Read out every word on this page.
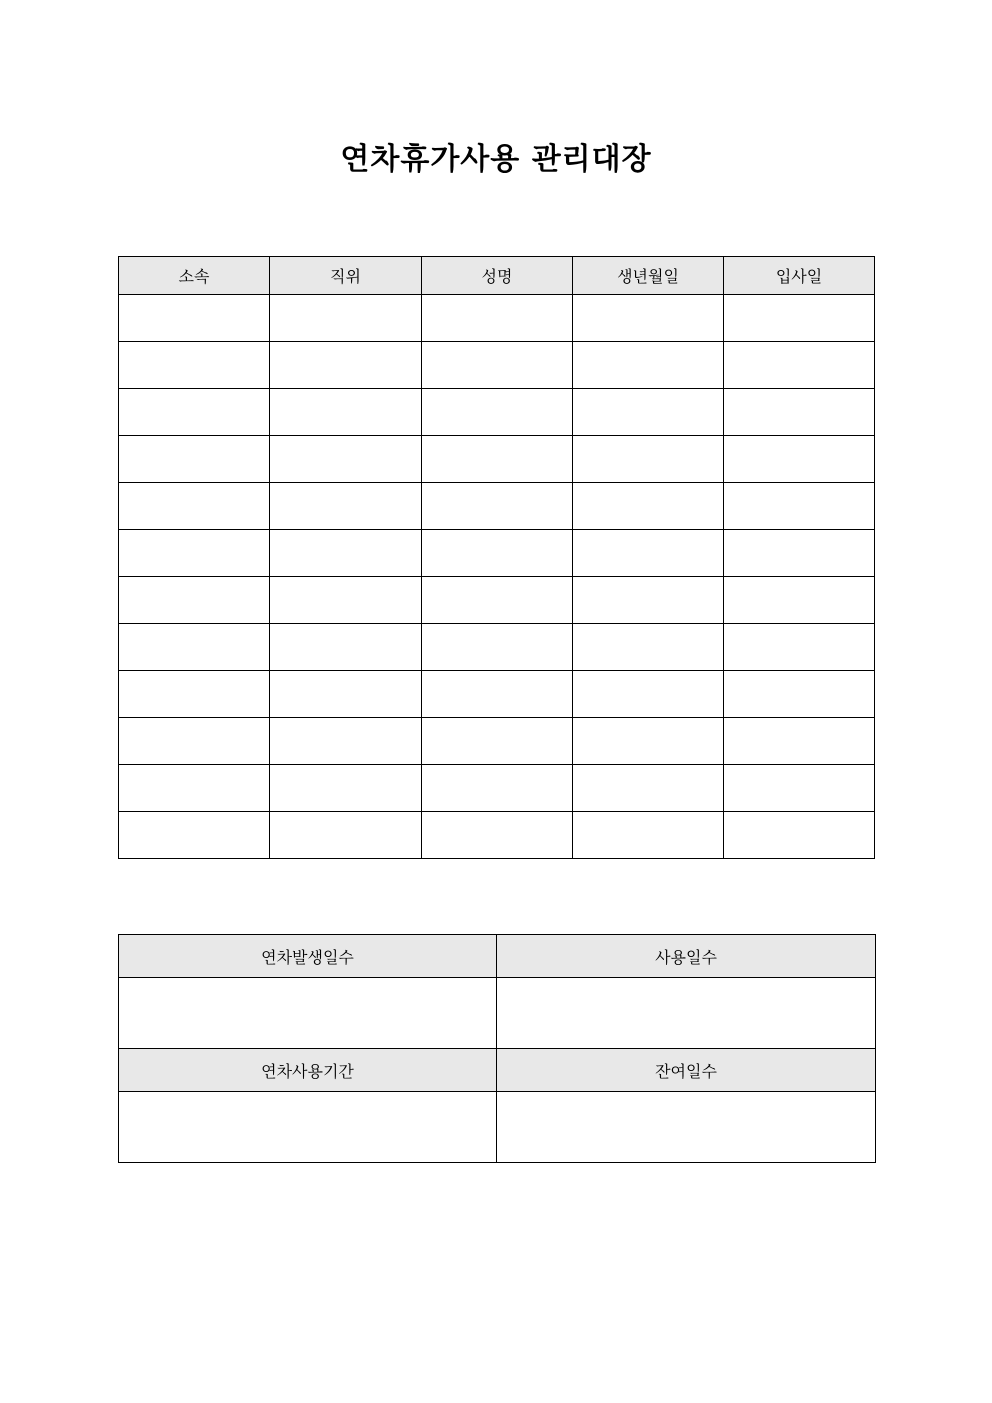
연차휴가사용 관리대장
소속	직위	성명	생년월일	입사일

연차발생일수	사용일수

연차사용기간	잔여일수
